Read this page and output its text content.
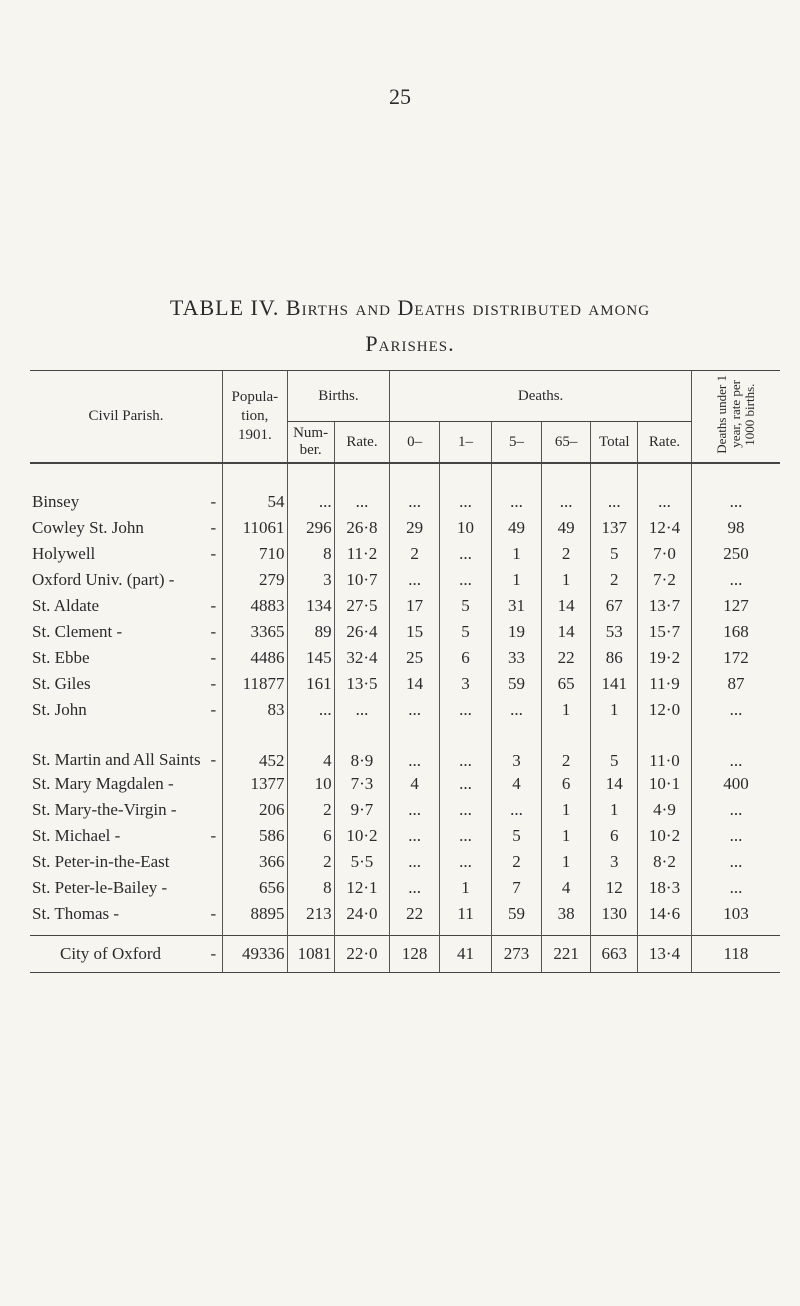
25
TABLE IV. Births and Deaths distributed among
Parishes.
Civil Parish.	Popula-
tion,
1901.	Births.		Deaths.						Deaths under 1
year, rate per
1000 births.
		Num-
ber.	Rate.	0–	1–	5–	65–	Total	Rate.	

Binsey -	54	...	...	...	...	...	...	...	...	...
Cowley St. John -	11061	296	26·8	29	10	49	49	137	12·4	98
Holywell -	710	8	11·2	2	...	1	2	5	7·0	250
Oxford Univ. (part) -	279	3	10·7	...	...	1	1	2	7·2	...
St. Aldate -	4883	134	27·5	17	5	31	14	67	13·7	127
St. Clement - -	3365	89	26·4	15	5	19	14	53	15·7	168
St. Ebbe -	4486	145	32·4	25	6	33	22	86	19·2	172
St. Giles -	11877	161	13·5	14	3	59	65	141	11·9	87
St. John -	83	...	...	...	...	...	1	1	12·0	...
St. Martin and All Saints -	452	4	8·9	...	...	3	2	5	11·0	...
St. Mary Magdalen -	1377	10	7·3	4	...	4	6	14	10·1	400
St. Mary-the-Virgin -	206	2	9·7	...	...	...	1	1	4·9	...
St. Michael - -	586	6	10·2	...	...	5	1	6	10·2	...
St. Peter-in-the-East	366	2	5·5	...	...	2	1	3	8·2	...
St. Peter-le-Bailey -	656	8	12·1	...	1	7	4	12	18·3	...
St. Thomas - -	8895	213	24·0	22	11	59	38	130	14·6	103

City of Oxford -	49336	1081	22·0	128	41	273	221	663	13·4	118
